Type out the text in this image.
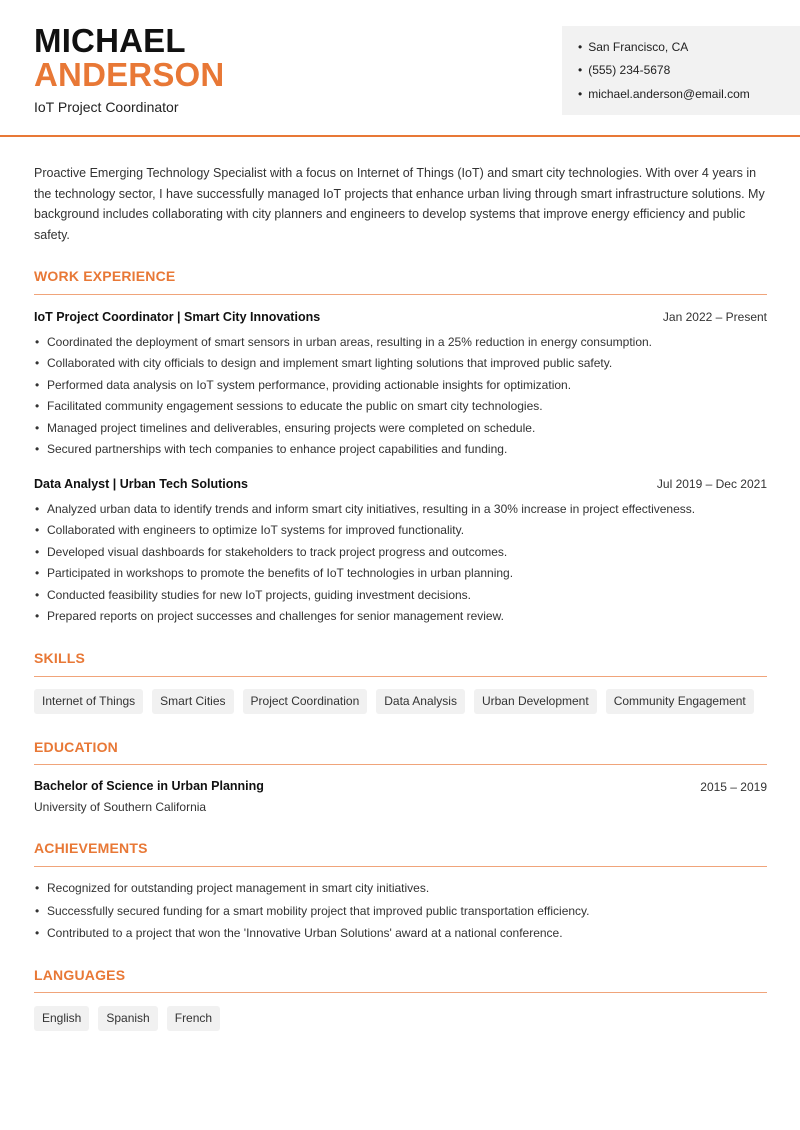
MICHAEL
ANDERSON
IoT Project Coordinator
• San Francisco, CA
• (555) 234-5678
• michael.anderson@email.com
Proactive Emerging Technology Specialist with a focus on Internet of Things (IoT) and smart city technologies. With over 4 years in the technology sector, I have successfully managed IoT projects that enhance urban living through smart infrastructure solutions. My background includes collaborating with city planners and engineers to develop systems that improve energy efficiency and public safety.
WORK EXPERIENCE
IoT Project Coordinator | Smart City Innovations	Jan 2022 – Present
• Coordinated the deployment of smart sensors in urban areas, resulting in a 25% reduction in energy consumption.
• Collaborated with city officials to design and implement smart lighting solutions that improved public safety.
• Performed data analysis on IoT system performance, providing actionable insights for optimization.
• Facilitated community engagement sessions to educate the public on smart city technologies.
• Managed project timelines and deliverables, ensuring projects were completed on schedule.
• Secured partnerships with tech companies to enhance project capabilities and funding.
Data Analyst | Urban Tech Solutions	Jul 2019 – Dec 2021
• Analyzed urban data to identify trends and inform smart city initiatives, resulting in a 30% increase in project effectiveness.
• Collaborated with engineers to optimize IoT systems for improved functionality.
• Developed visual dashboards for stakeholders to track project progress and outcomes.
• Participated in workshops to promote the benefits of IoT technologies in urban planning.
• Conducted feasibility studies for new IoT projects, guiding investment decisions.
• Prepared reports on project successes and challenges for senior management review.
SKILLS
Internet of Things	Smart Cities	Project Coordination	Data Analysis	Urban Development	Community Engagement
EDUCATION
Bachelor of Science in Urban Planning	2015 – 2019
University of Southern California
ACHIEVEMENTS
• Recognized for outstanding project management in smart city initiatives.
• Successfully secured funding for a smart mobility project that improved public transportation efficiency.
• Contributed to a project that won the 'Innovative Urban Solutions' award at a national conference.
LANGUAGES
English	Spanish	French
